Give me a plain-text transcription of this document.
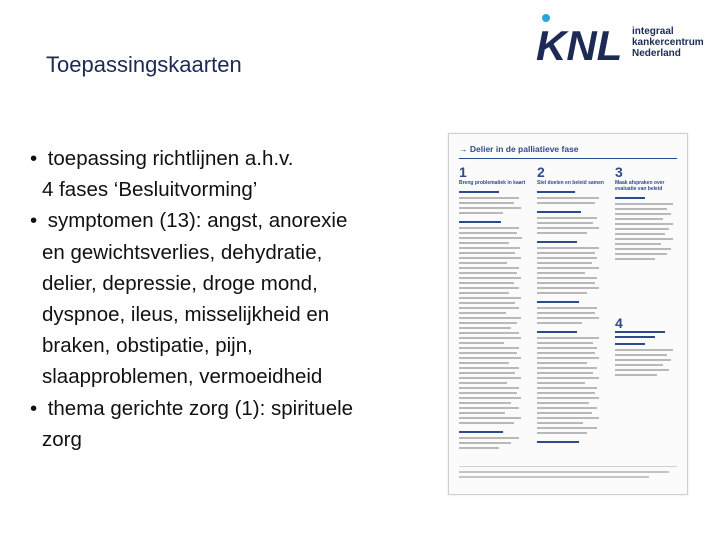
Toepassingskaarten	KNL integraal
kankercentrum
Nederland
• toepassing richtlijnen a.h.v.
4 fases ‘Besluitvorming’
• symptomen (13): angst, anorexie
en gewichtsverlies, dehydratie,
delier, depressie, droge mond,
dyspnoe, ileus, misselijkheid en
braken, obstipatie, pijn,
slaapproblemen, vermoeidheid
• thema gerichte zorg (1): spirituele
zorg
→ Delier in de palliatieve fase
1
Breng problematiek in kaart
2
Stel doelen en beleid samen
3
Maak afspraken over evaluatie van beleid
4
